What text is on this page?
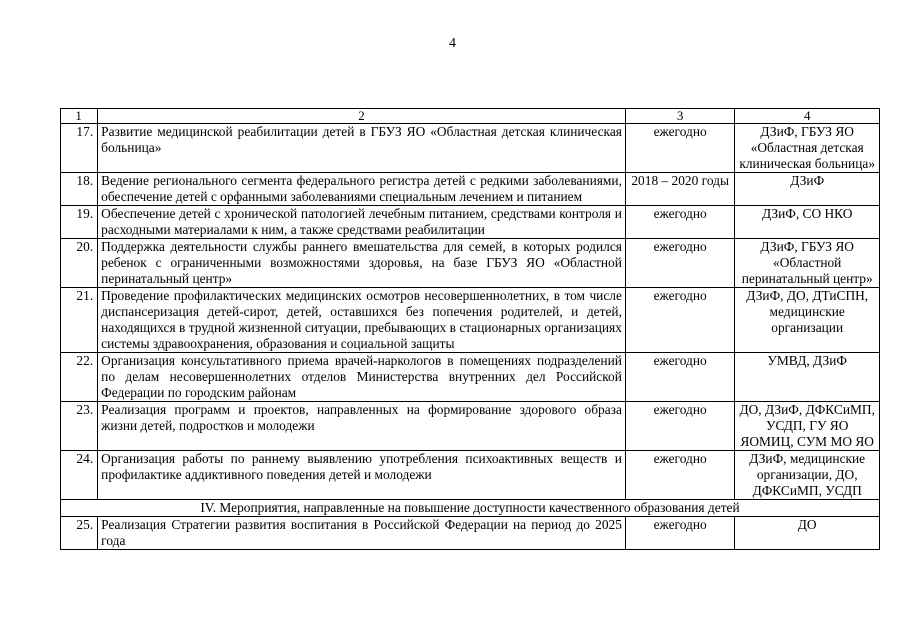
4
1	2	3	4
17.	Развитие медицинской реабилитации детей в ГБУЗ ЯО «Областная детская клиническая больница»	ежегодно	ДЗиФ, ГБУЗ ЯО «Областная детская клиническая больница»
18.	Ведение регионального сегмента федерального регистра детей с редкими заболеваниями, обеспечение детей с орфанными заболеваниями специальным лечением и питанием	2018 – 2020 годы	ДЗиФ
19.	Обеспечение детей с хронической патологией лечебным питанием, средствами контроля и расходными материалами к ним, а также средствами реабилитации	ежегодно	ДЗиФ, СО НКО
20.	Поддержка деятельности службы раннего вмешательства для семей, в которых родился ребенок с ограниченными возможностями здоровья, на базе ГБУЗ ЯО «Областной перинатальный центр»	ежегодно	ДЗиФ, ГБУЗ ЯО «Областной перинатальный центр»
21.	Проведение профилактических медицинских осмотров несовершеннолетних, в том числе диспансеризация детей-сирот, детей, оставшихся без попечения родителей, и детей, находящихся в трудной жизненной ситуации, пребывающих в стационарных организациях системы здравоохранения, образования и социальной защиты	ежегодно	ДЗиФ, ДО, ДТиСПН, медицинские организации
22.	Организация консультативного приема врачей-наркологов в помещениях подразделений по делам несовершеннолетних отделов Министерства внутренних дел Российской Федерации по городским районам	ежегодно	УМВД, ДЗиФ
23.	Реализация программ и проектов, направленных на формирование здорового образа жизни детей, подростков и молодежи	ежегодно	ДО, ДЗиФ, ДФКСиМП, УСДП, ГУ ЯО ЯОМИЦ, СУМ МО ЯО
24.	Организация работы по раннему выявлению употребления психоактивных веществ и профилактике аддиктивного поведения детей и молодежи	ежегодно	ДЗиФ, медицинские организации, ДО, ДФКСиМП, УСДП
IV. Мероприятия, направленные на повышение доступности качественного образования детей			
25.	Реализация Стратегии развития воспитания в Российской Федерации на период до 2025 года	ежегодно	ДО
